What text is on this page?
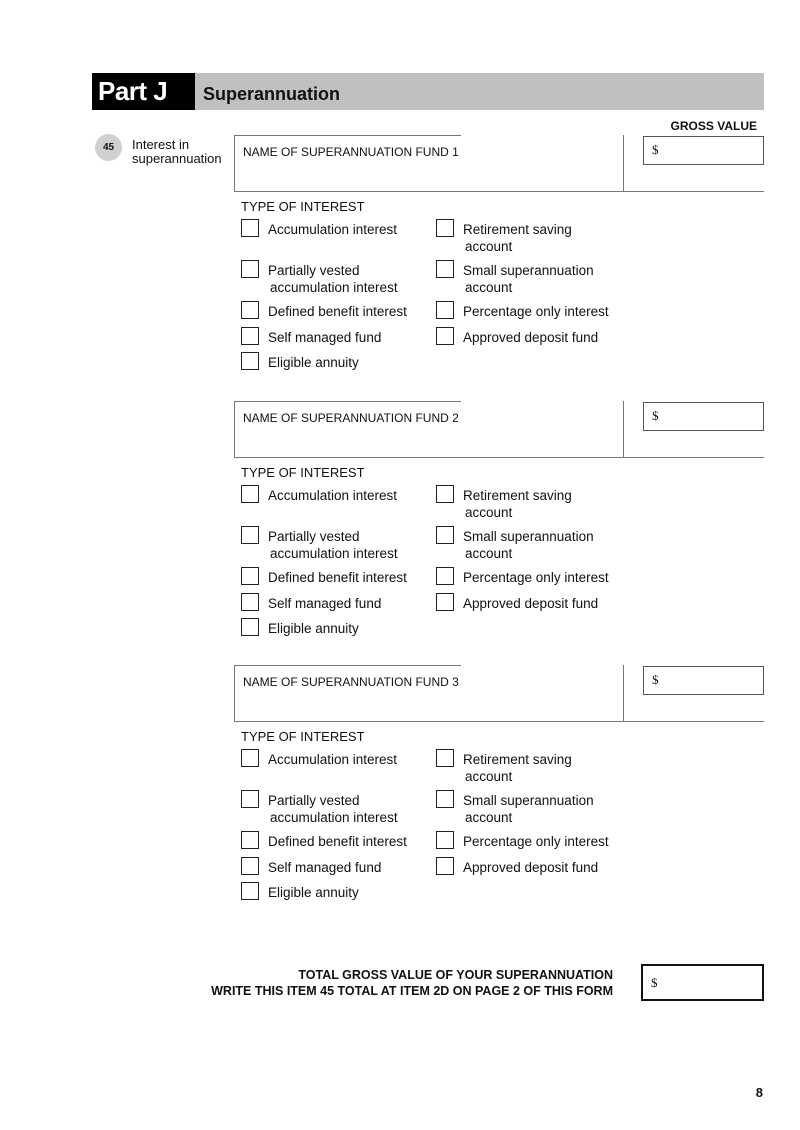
Part J	Superannuation
GROSS VALUE
45	Interest in superannuation	NAME OF SUPERANNUATION FUND 1	$
TYPE OF INTEREST
Accumulation interest	Retirement saving
account
Partially vested
accumulation interest
Small superannuation
account
Defined benefit interest	Percentage only interest
Self managed fund	Approved deposit fund
Eligible annuity
NAME OF SUPERANNUATION FUND 2	$
TYPE OF INTEREST
Accumulation interest	Retirement saving
account
Partially vested
accumulation interest
Small superannuation
account
Defined benefit interest	Percentage only interest
Self managed fund	Approved deposit fund
Eligible annuity
NAME OF SUPERANNUATION FUND 3	$
TYPE OF INTEREST
Accumulation interest	Retirement saving
account
Partially vested
accumulation interest
Small superannuation
account
Defined benefit interest	Percentage only interest
Self managed fund	Approved deposit fund
Eligible annuity
TOTAL GROSS VALUE OF YOUR SUPERANNUATION
WRITE THIS ITEM 45 TOTAL AT ITEM 2D ON PAGE 2 OF THIS FORM
$
8
